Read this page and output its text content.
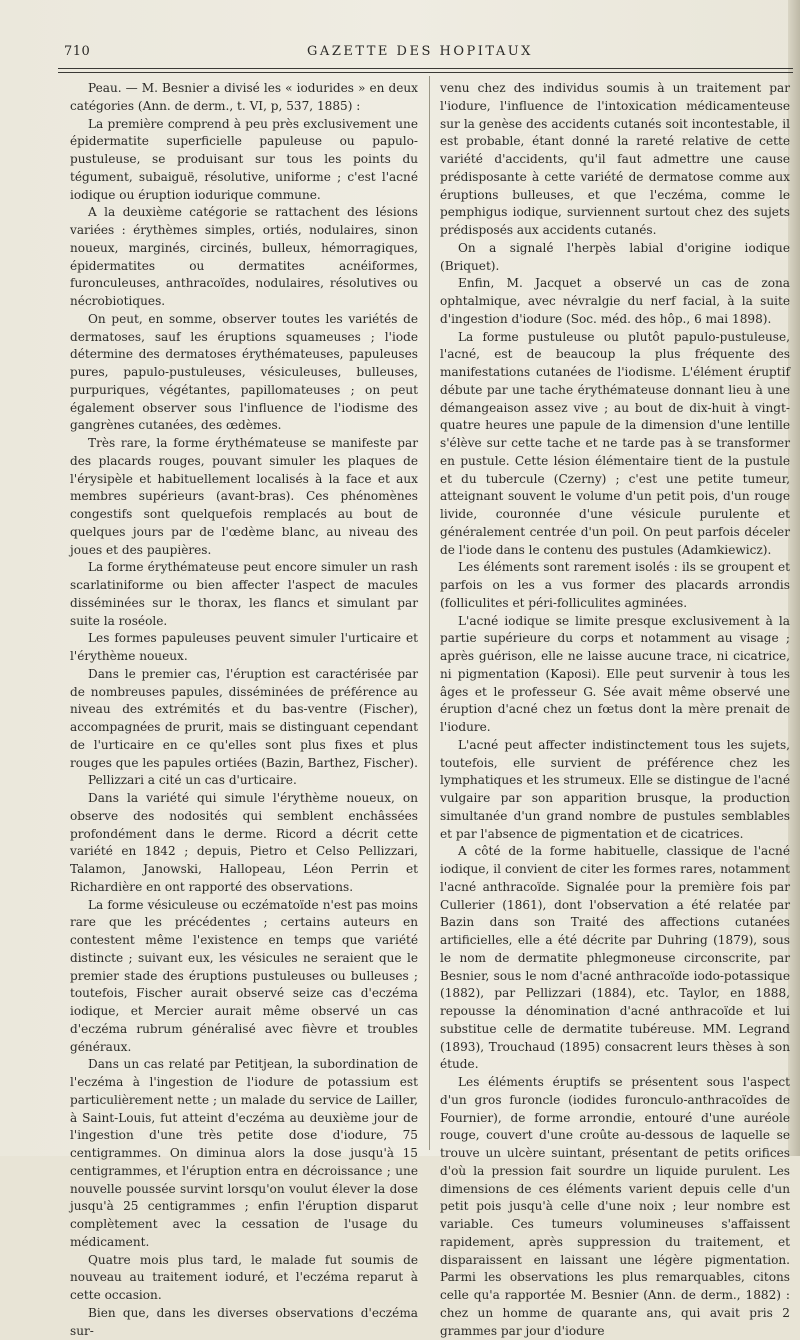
710	GAZETTE DES HOPITAUX

Peau. — M. Besnier a divisé les « iodurides » en deux catégories (Ann. de derm., t. VI, p, 537, 1885) :

La première comprend à peu près exclusivement une épidermatite superficielle papuleuse ou papulo-pustuleuse, se produisant sur tous les points du tégument, subaiguë, résolutive, uniforme ; c'est l'acné iodique ou éruption iodurique commune.

A la deuxième catégorie se rattachent des lésions variées : érythèmes simples, ortiés, nodulaires, sinon noueux, marginés, circinés, bulleux, hémorragiques, épidermatites ou dermatites acnéiformes, furonculeuses, anthracoïdes, nodulaires, résolutives ou nécrobiotiques.

On peut, en somme, observer toutes les variétés de dermatoses, sauf les éruptions squameuses ; l'iode détermine des dermatoses érythémateuses, papuleuses pures, papulo-pustuleuses, vésiculeuses, bulleuses, purpuriques, végétantes, papillomateuses ; on peut également observer sous l'influence de l'iodisme des gangrènes cutanées, des œdèmes.

Très rare, la forme érythémateuse se manifeste par des placards rouges, pouvant simuler les plaques de l'érysipèle et habituellement localisés à la face et aux membres supérieurs (avant-bras). Ces phénomènes congestifs sont quelquefois remplacés au bout de quelques jours par de l'œdème blanc, au niveau des joues et des paupières.

La forme érythémateuse peut encore simuler un rash scarlatiniforme ou bien affecter l'aspect de macules disséminées sur le thorax, les flancs et simulant par suite la roséole.

Les formes papuleuses peuvent simuler l'urticaire et l'érythème noueux.

Dans le premier cas, l'éruption est caractérisée par de nombreuses papules, disséminées de préférence au niveau des extrémités et du bas-ventre (Fischer), accompagnées de prurit, mais se distinguant cependant de l'urticaire en ce qu'elles sont plus fixes et plus rouges que les papules ortiées (Bazin, Barthez, Fischer).

Pellizzari a cité un cas d'urticaire.

Dans la variété qui simule l'érythème noueux, on observe des nodosités qui semblent enchâssées profondément dans le derme. Ricord a décrit cette variété en 1842 ; depuis, Pietro et Celso Pellizzari, Talamon, Janowski, Hallopeau, Léon Perrin et Richardière en ont rapporté des observations.

La forme vésiculeuse ou eczématoïde n'est pas moins rare que les précédentes ; certains auteurs en contestent même l'existence en temps que variété distincte ; suivant eux, les vésicules ne seraient que le premier stade des éruptions pustuleuses ou bulleuses ; toutefois, Fischer aurait observé seize cas d'eczéma iodique, et Mercier aurait même observé un cas d'eczéma rubrum généralisé avec fièvre et troubles généraux.

Dans un cas relaté par Petitjean, la subordination de l'eczéma à l'ingestion de l'iodure de potassium est particulièrement nette ; un malade du service de Lailler, à Saint-Louis, fut atteint d'eczéma au deuxième jour de l'ingestion d'une très petite dose d'iodure, 75 centigrammes. On diminua alors la dose jusqu'à 15 centigrammes, et l'éruption entra en décroissance ; une nouvelle poussée survint lorsqu'on voulut élever la dose jusqu'à 25 centigrammes ; enfin l'éruption disparut complètement avec la cessation de l'usage du médicament.

Quatre mois plus tard, le malade fut soumis de nouveau au traitement ioduré, et l'eczéma reparut à cette occasion.

Bien que, dans les diverses observations d'eczéma sur-

venu chez des individus soumis à un traitement par l'iodure, l'influence de l'intoxication médicamenteuse sur la genèse des accidents cutanés soit incontestable, il est probable, étant donné la rareté relative de cette variété d'accidents, qu'il faut admettre une cause prédisposante à cette variété de dermatose comme aux éruptions bulleuses, et que l'eczéma, comme le pemphigus iodique, surviennent surtout chez des sujets prédisposés aux accidents cutanés.

On a signalé l'herpès labial d'origine iodique (Briquet).

Enfin, M. Jacquet a observé un cas de zona ophtalmique, avec névralgie du nerf facial, à la suite d'ingestion d'iodure (Soc. méd. des hôp., 6 mai 1898).

La forme pustuleuse ou plutôt papulo-pustuleuse, l'acné, est de beaucoup la plus fréquente des manifestations cutanées de l'iodisme. L'élément éruptif débute par une tache érythémateuse donnant lieu à une démangeaison assez vive ; au bout de dix-huit à vingt-quatre heures une papule de la dimension d'une lentille s'élève sur cette tache et ne tarde pas à se transformer en pustule. Cette lésion élémentaire tient de la pustule et du tubercule (Czerny) ; c'est une petite tumeur, atteignant souvent le volume d'un petit pois, d'un rouge livide, couronnée d'une vésicule purulente et généralement centrée d'un poil. On peut parfois déceler de l'iode dans le contenu des pustules (Adamkiewicz).

Les éléments sont rarement isolés : ils se groupent et parfois on les a vus former des placards arrondis (folliculites et péri-folliculites agminées.

L'acné iodique se limite presque exclusivement à la partie supérieure du corps et notamment au visage ; après guérison, elle ne laisse aucune trace, ni cicatrice, ni pigmentation (Kaposi). Elle peut survenir à tous les âges et le professeur G. Sée avait même observé une éruption d'acné chez un fœtus dont la mère prenait de l'iodure.

L'acné peut affecter indistinctement tous les sujets, toutefois, elle survient de préférence chez les lymphatiques et les strumeux. Elle se distingue de l'acné vulgaire par son apparition brusque, la production simultanée d'un grand nombre de pustules semblables et par l'absence de pigmentation et de cicatrices.

A côté de la forme habituelle, classique de l'acné iodique, il convient de citer les formes rares, notamment l'acné anthracoïde. Signalée pour la première fois par Cullerier (1861), dont l'observation a été relatée par Bazin dans son Traité des affections cutanées artificielles, elle a été décrite par Duhring (1879), sous le nom de dermatite phlegmoneuse circonscrite, par Besnier, sous le nom d'acné anthracoïde iodo-potassique (1882), par Pellizzari (1884), etc. Taylor, en 1888, repousse la dénomination d'acné anthracoïde et lui substitue celle de dermatite tubéreuse. MM. Legrand (1893), Trouchaud (1895) consacrent leurs thèses à son étude.

Les éléments éruptifs se présentent sous l'aspect d'un gros furoncle (iodides furonculo-anthracoïdes de Fournier), de forme arrondie, entouré d'une auréole rouge, couvert d'une croûte au-dessous de laquelle se trouve un ulcère suintant, présentant de petits orifices d'où la pression fait sourdre un liquide purulent. Les dimensions de ces éléments varient depuis celle d'un petit pois jusqu'à celle d'une noix ; leur nombre est variable. Ces tumeurs volumineuses s'affaissent rapidement, après suppression du traitement, et disparaissent en laissant une légère pigmentation. Parmi les observations les plus remarquables, citons celle qu'a rapportée M. Besnier (Ann. de derm., 1882) : chez un homme de quarante ans, qui avait pris 2 grammes par jour d'iodure
